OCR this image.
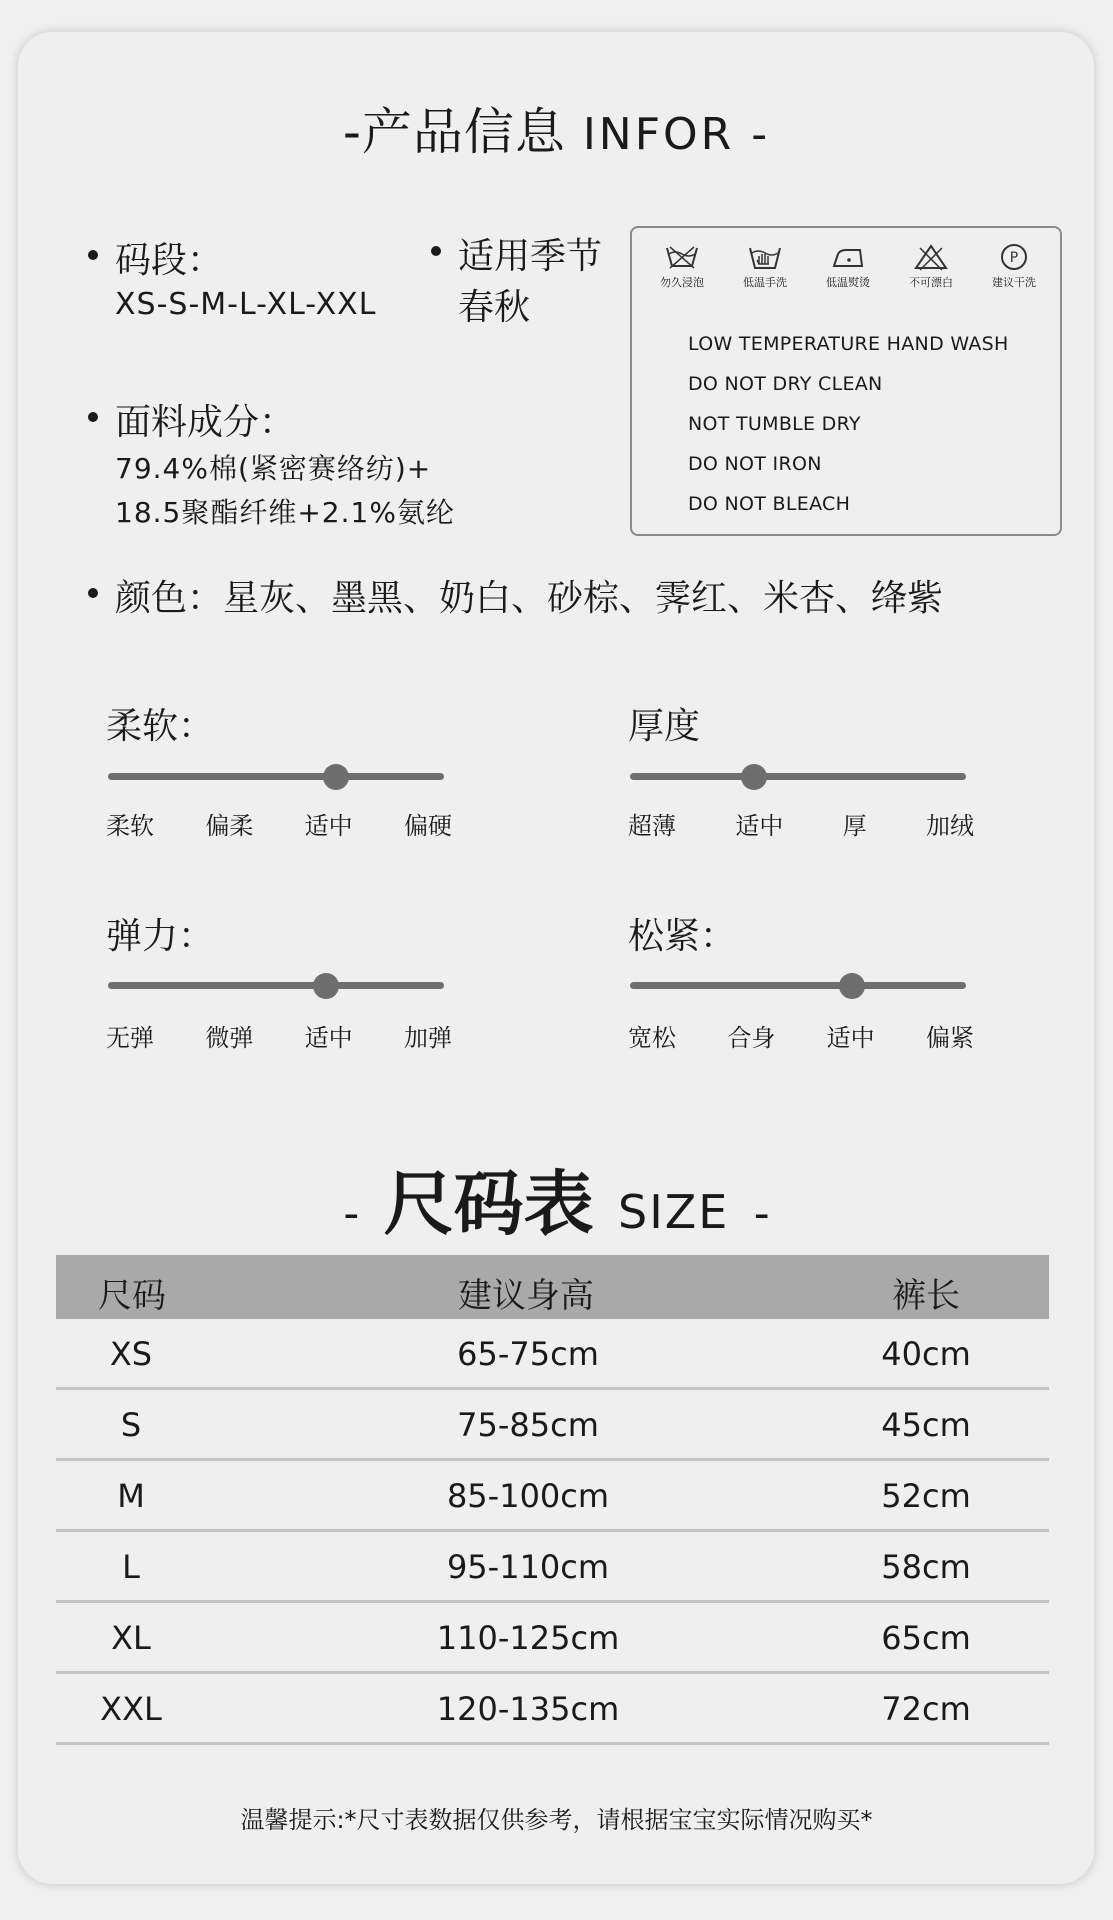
-产品信息 INFOR -
码段：
XS-S-M-L-XL-XXL
适用季节
春秋
勿久浸泡	低温手洗	低温熨烫	不可漂白
P
建议干洗
LOW TEMPERATURE HAND WASH
DO NOT DRY CLEAN
NOT TUMBLE DRY
DO NOT IRON
DO NOT BLEACH
面料成分：
79.4%棉(紧密赛络纺)+
18.5聚酯纤维+2.1%氨纶
颜色：星灰、墨黑、奶白、砂棕、霁红、米杏、绛紫
柔软：
柔软 偏柔 适中 偏硬
厚度
超薄 适中 厚 加绒
弹力：
无弹 微弹 适中 加弹
松紧：
宽松 合身 适中 偏紧
- 尺码表 SIZE -
尺码	建议身高	裤长
XS	65-75cm	40cm
S	75-85cm	45cm
M	85-100cm	52cm
L	95-110cm	58cm
XL	110-125cm	65cm
XXL	120-135cm	72cm
温馨提示:*尺寸表数据仅供参考，请根据宝宝实际情况购买*
